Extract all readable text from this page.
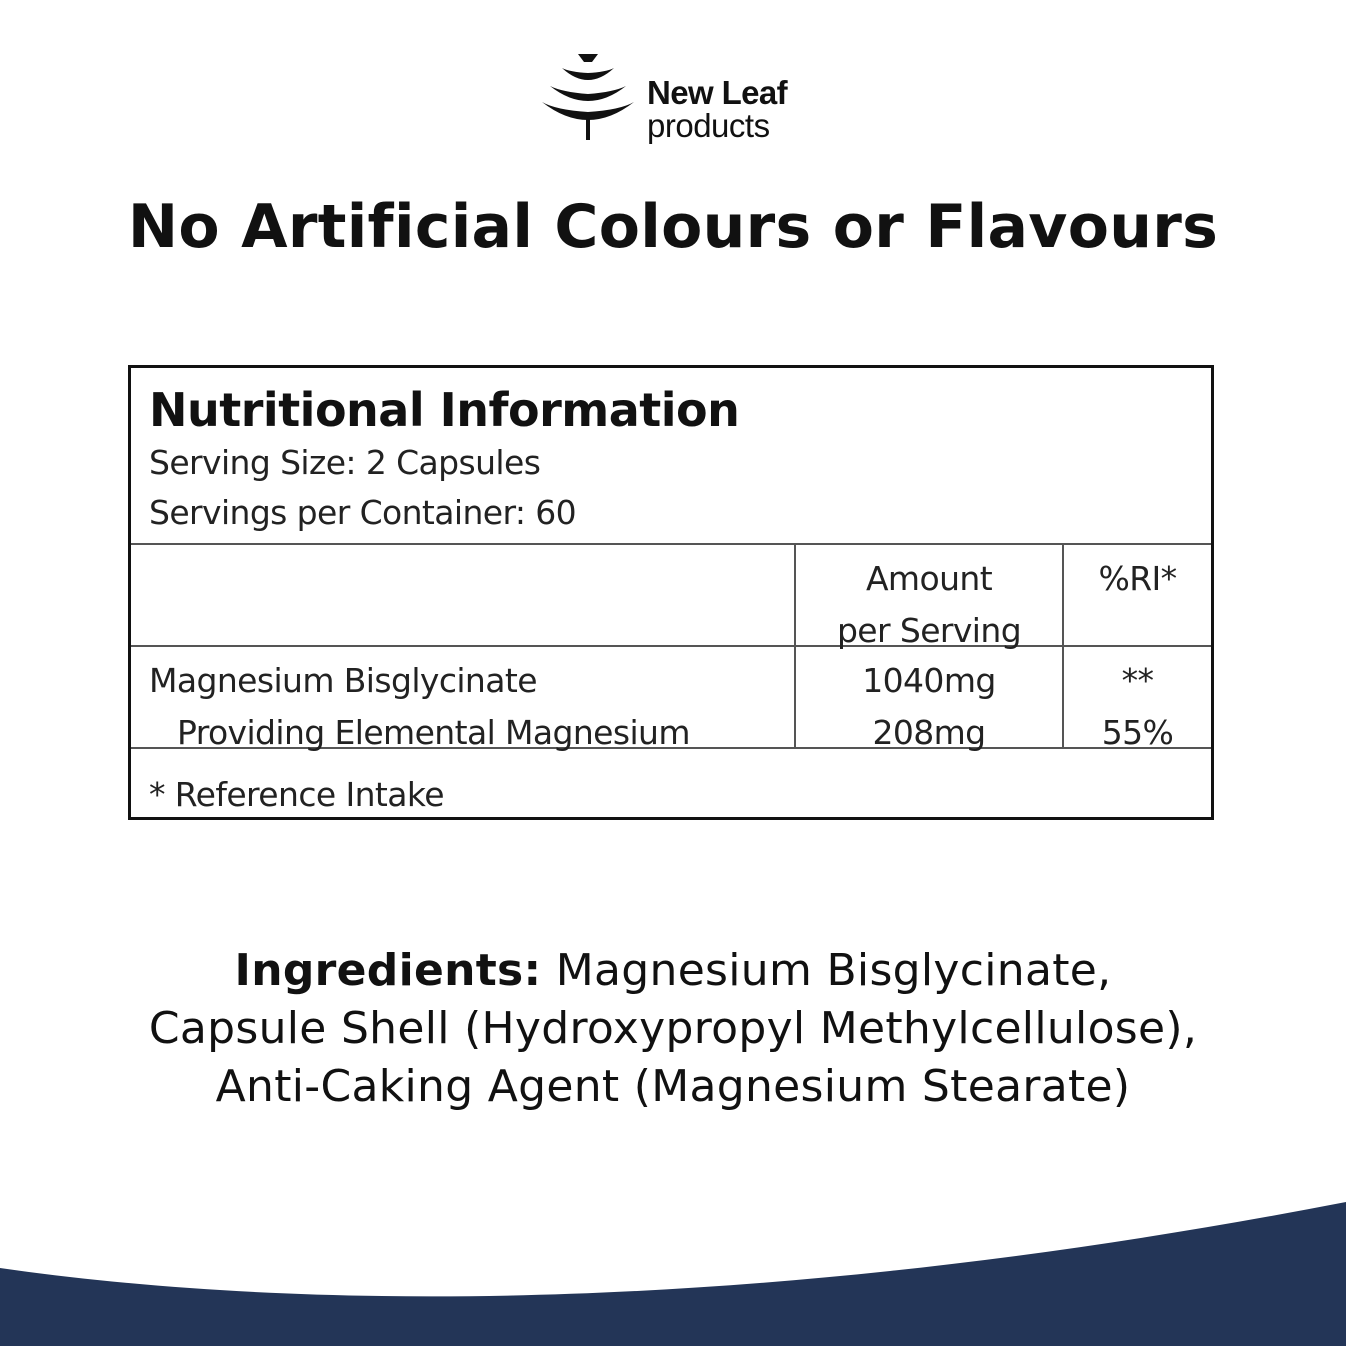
New Leaf
products
No Artificial Colours or Flavours

Nutritional Information

Serving Size: 2 Capsules

Servings per Container: 60

Amount
per Serving
%RI*
Magnesium Bisglycinate
Providing Elemental Magnesium
1040mg
208mg
**
55%
* Reference Intake

Ingredients: Magnesium Bisglycinate,
Capsule Shell (Hydroxypropyl Methylcellulose),
Anti-Caking Agent (Magnesium Stearate)
